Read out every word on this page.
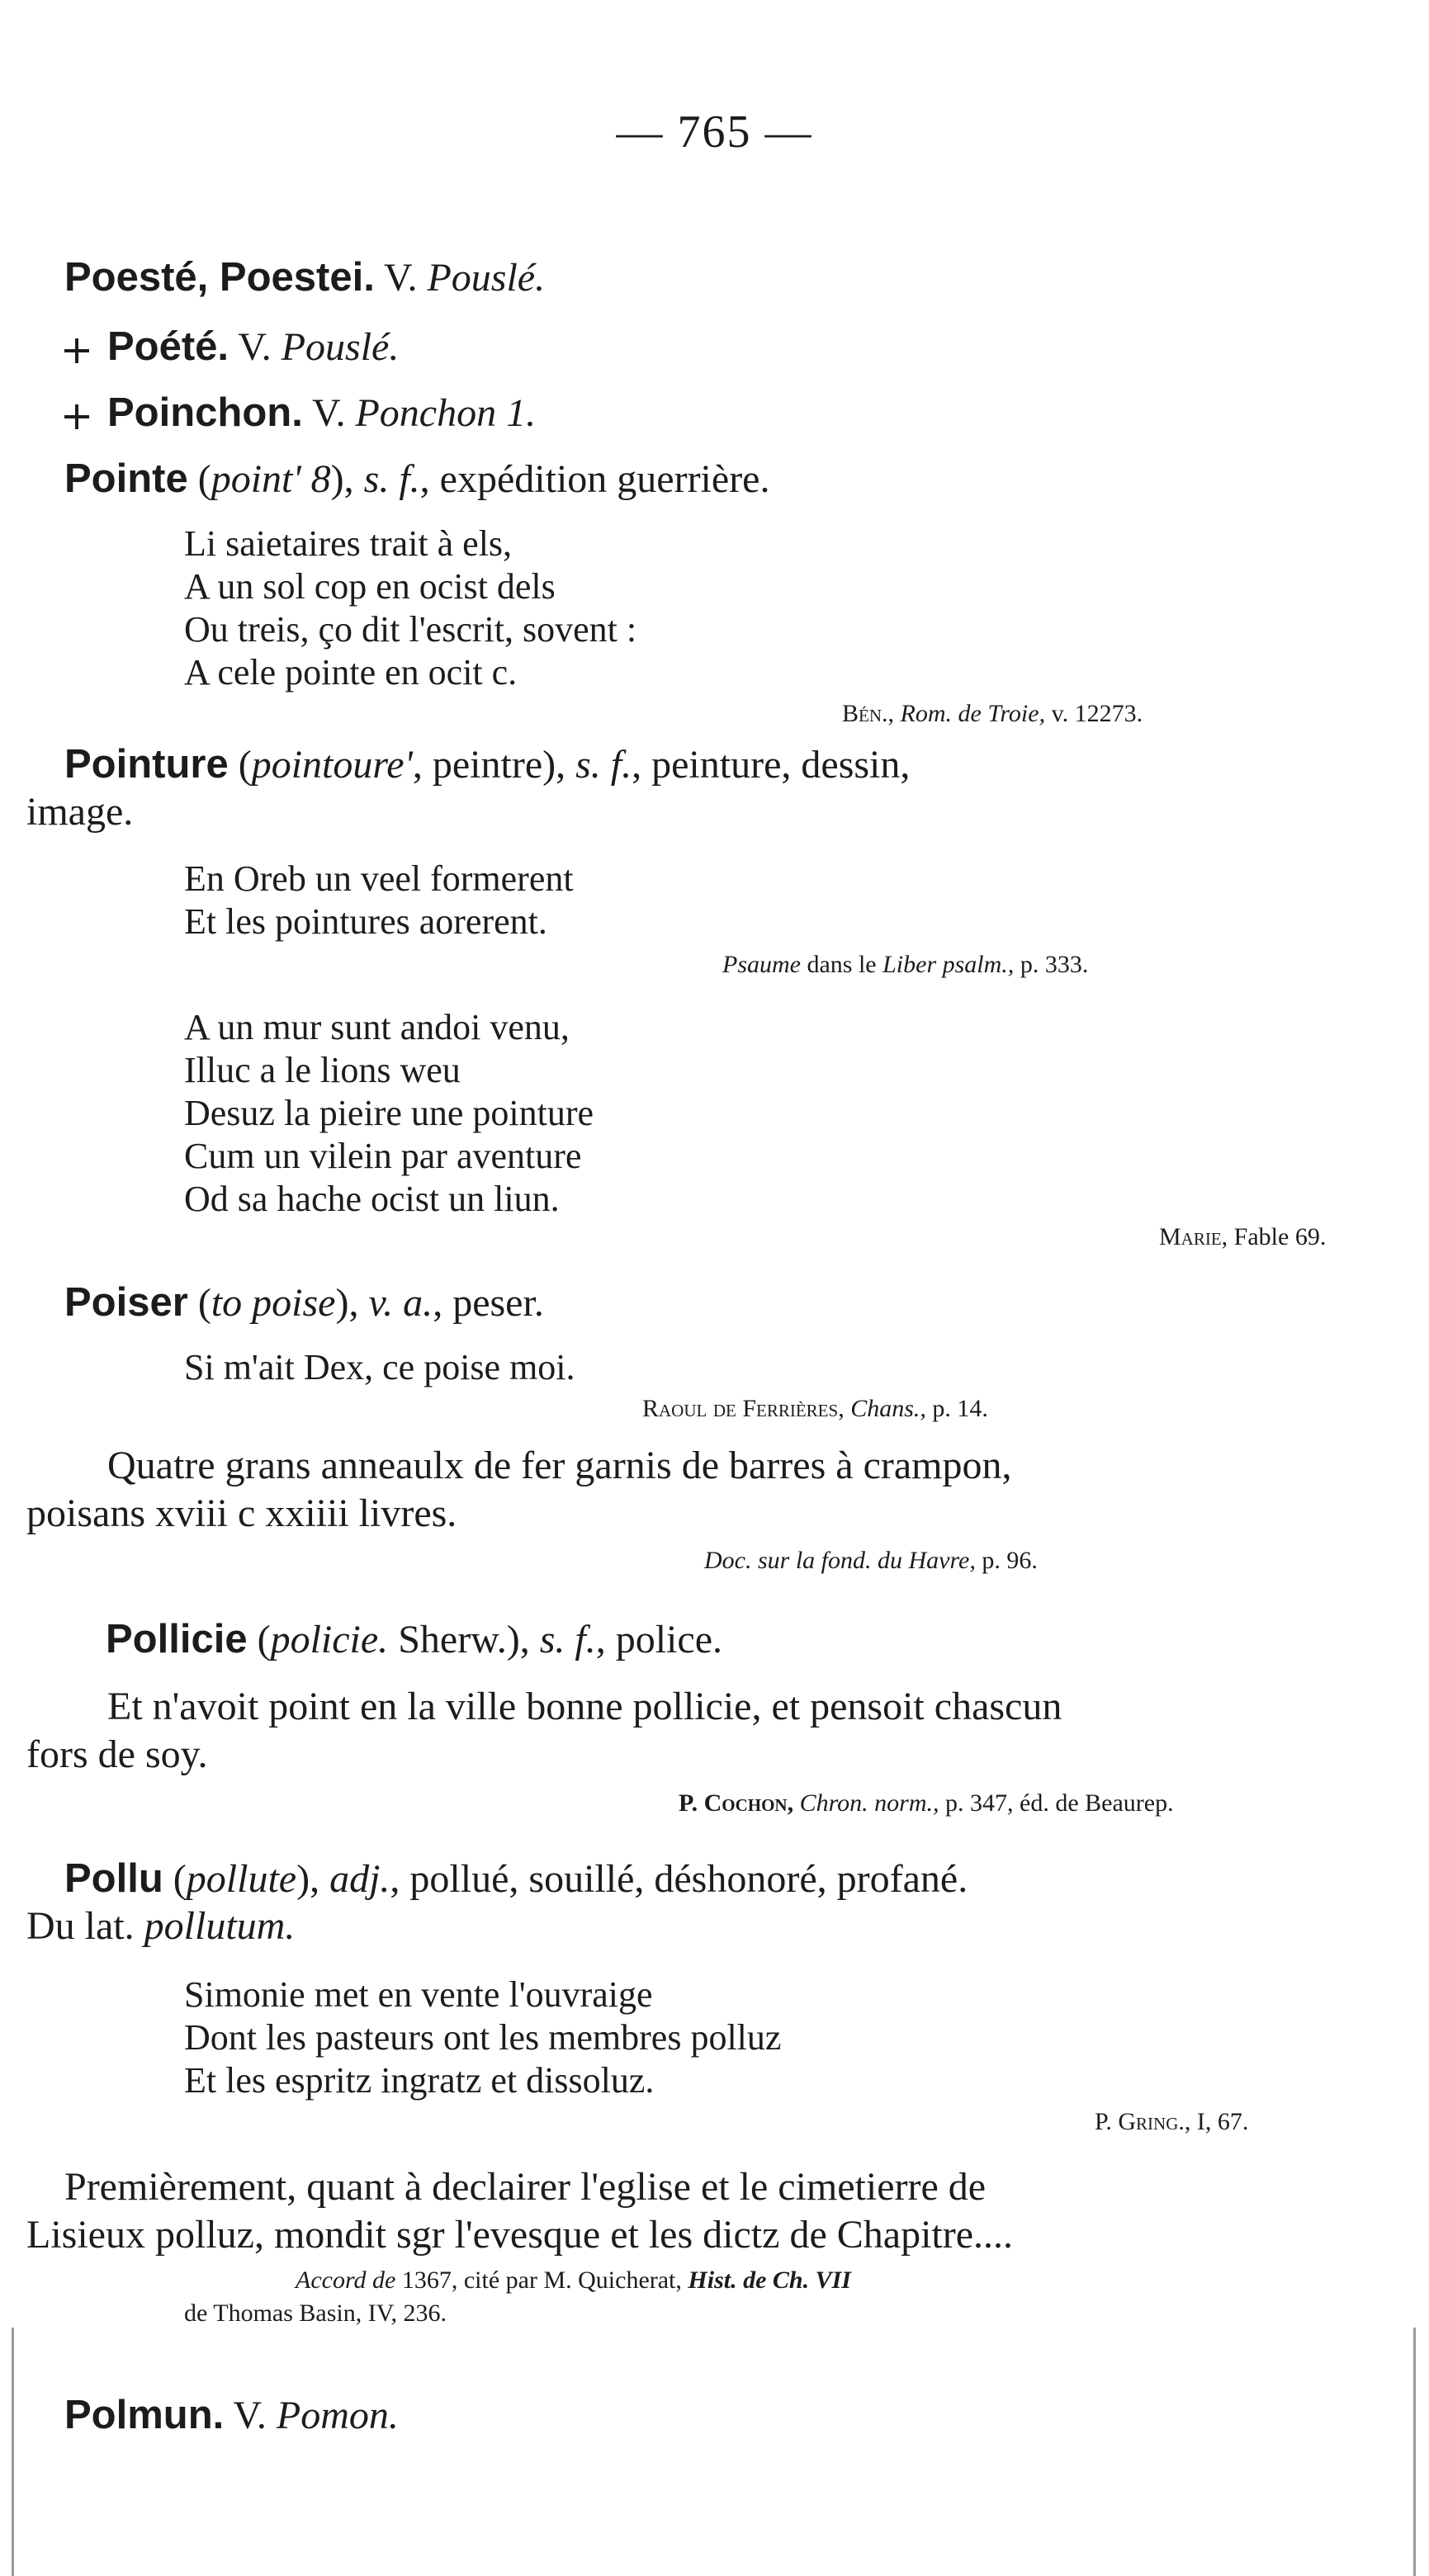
— 765 —
Poesté, Poestei. V. Pouslé.
Poété. V. Pouslé.
Poinchon. V. Ponchon 1.
Pointe (point' 8), s. f., expédition guerrière.
Li saietaires trait à els,
A un sol cop en ocist dels
Ou treis, ço dit l'escrit, sovent :
A cele pointe en ocit c.
Bén., Rom. de Troie, v. 12273.
Pointure (pointoure', peintre), s. f., peinture, dessin,
image.
En Oreb un veel formerent
Et les pointures aorerent.
Psaume dans le Liber psalm., p. 333.
A un mur sunt andoi venu,
Illuc a le lions weu
Desuz la pieire une pointure
Cum un vilein par aventure
Od sa hache ocist un liun.
Marie, Fable 69.
Poiser (to poise), v. a., peser.
Si m'ait Dex, ce poise moi.
Raoul de Ferrières, Chans., p. 14.
Quatre grans anneaulx de fer garnis de barres à crampon,
poisans xviii c xxiiii livres.
Doc. sur la fond. du Havre, p. 96.
Pollicie (policie. Sherw.), s. f., police.
Et n'avoit point en la ville bonne pollicie, et pensoit chascun
fors de soy.
P. Cochon, Chron. norm., p. 347, éd. de Beaurep.
Pollu (pollute), adj., pollué, souillé, déshonoré, profané.
Du lat. pollutum.
Simonie met en vente l'ouvraige
Dont les pasteurs ont les membres polluz
Et les espritz ingratz et dissoluz.
P. Gring., I, 67.
Premièrement, quant à declairer l'eglise et le cimetierre de
Lisieux polluz, mondit sgr l'evesque et les dictz de Chapitre....
Accord de 1367, cité par M. Quicherat, Hist. de Ch. VII
de Thomas Basin, IV, 236.
Polmun. V. Pomon.
